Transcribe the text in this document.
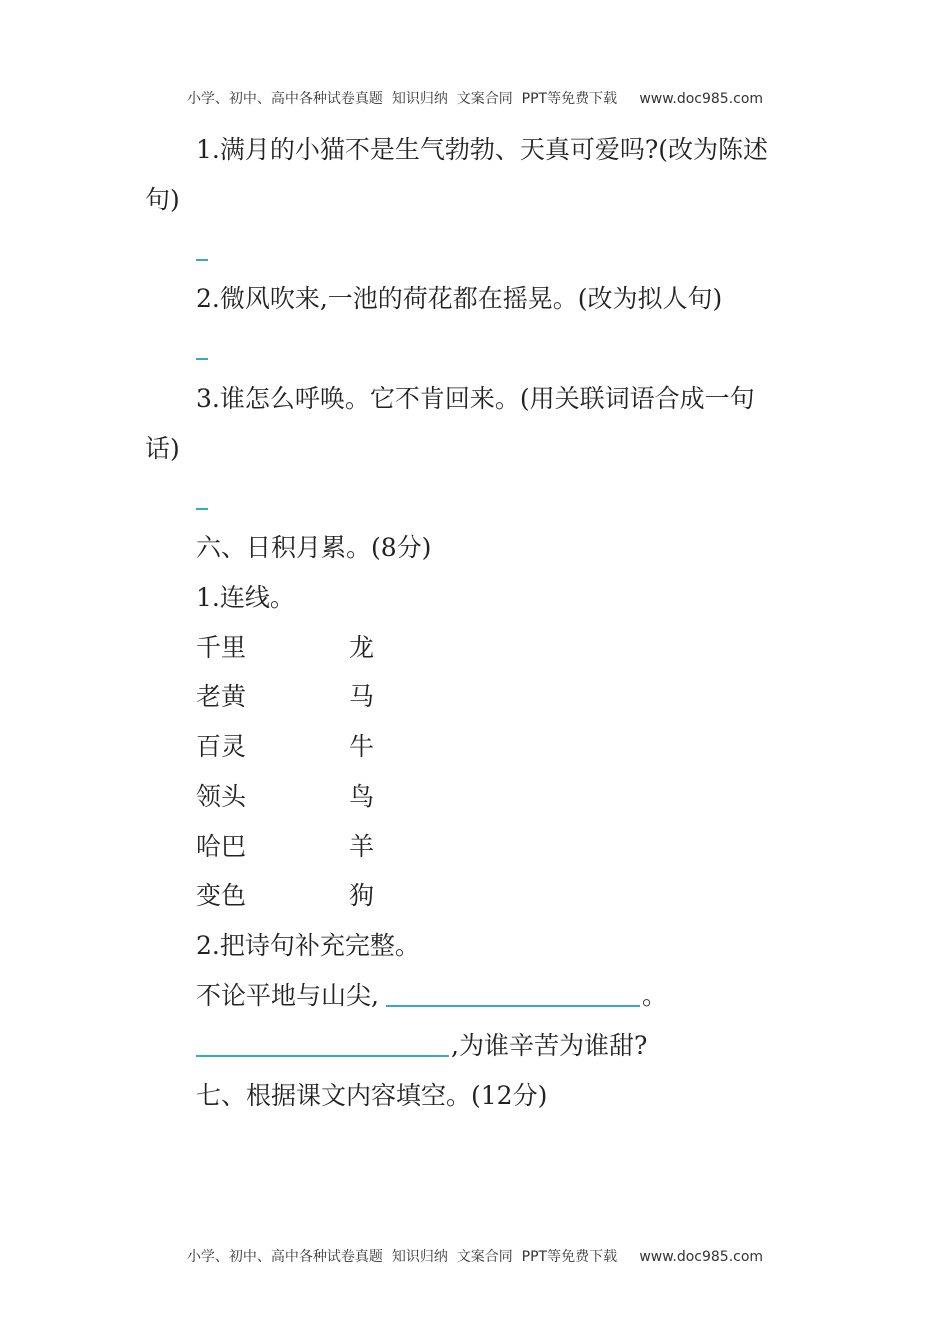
小学、初中、高中各种试卷真题  知识归纳  文案合同  PPT等免费下载     www.doc985.com
1.满月的小猫不是生气勃勃、天真可爱吗?(改为陈述
句)
2.微风吹来,一池的荷花都在摇晃。(改为拟人句)
3.谁怎么呼唤。它不肯回来。(用关联词语合成一句
话)
六、日积月累。(8分)
1.连线。
千里	龙
老黄	马
百灵	牛
领头	鸟
哈巴	羊
变色	狗
2.把诗句补充完整。
不论平地与山尖,	。
,为谁辛苦为谁甜?
七、根据课文内容填空。(12分)
小学、初中、高中各种试卷真题  知识归纳  文案合同  PPT等免费下载     www.doc985.com
